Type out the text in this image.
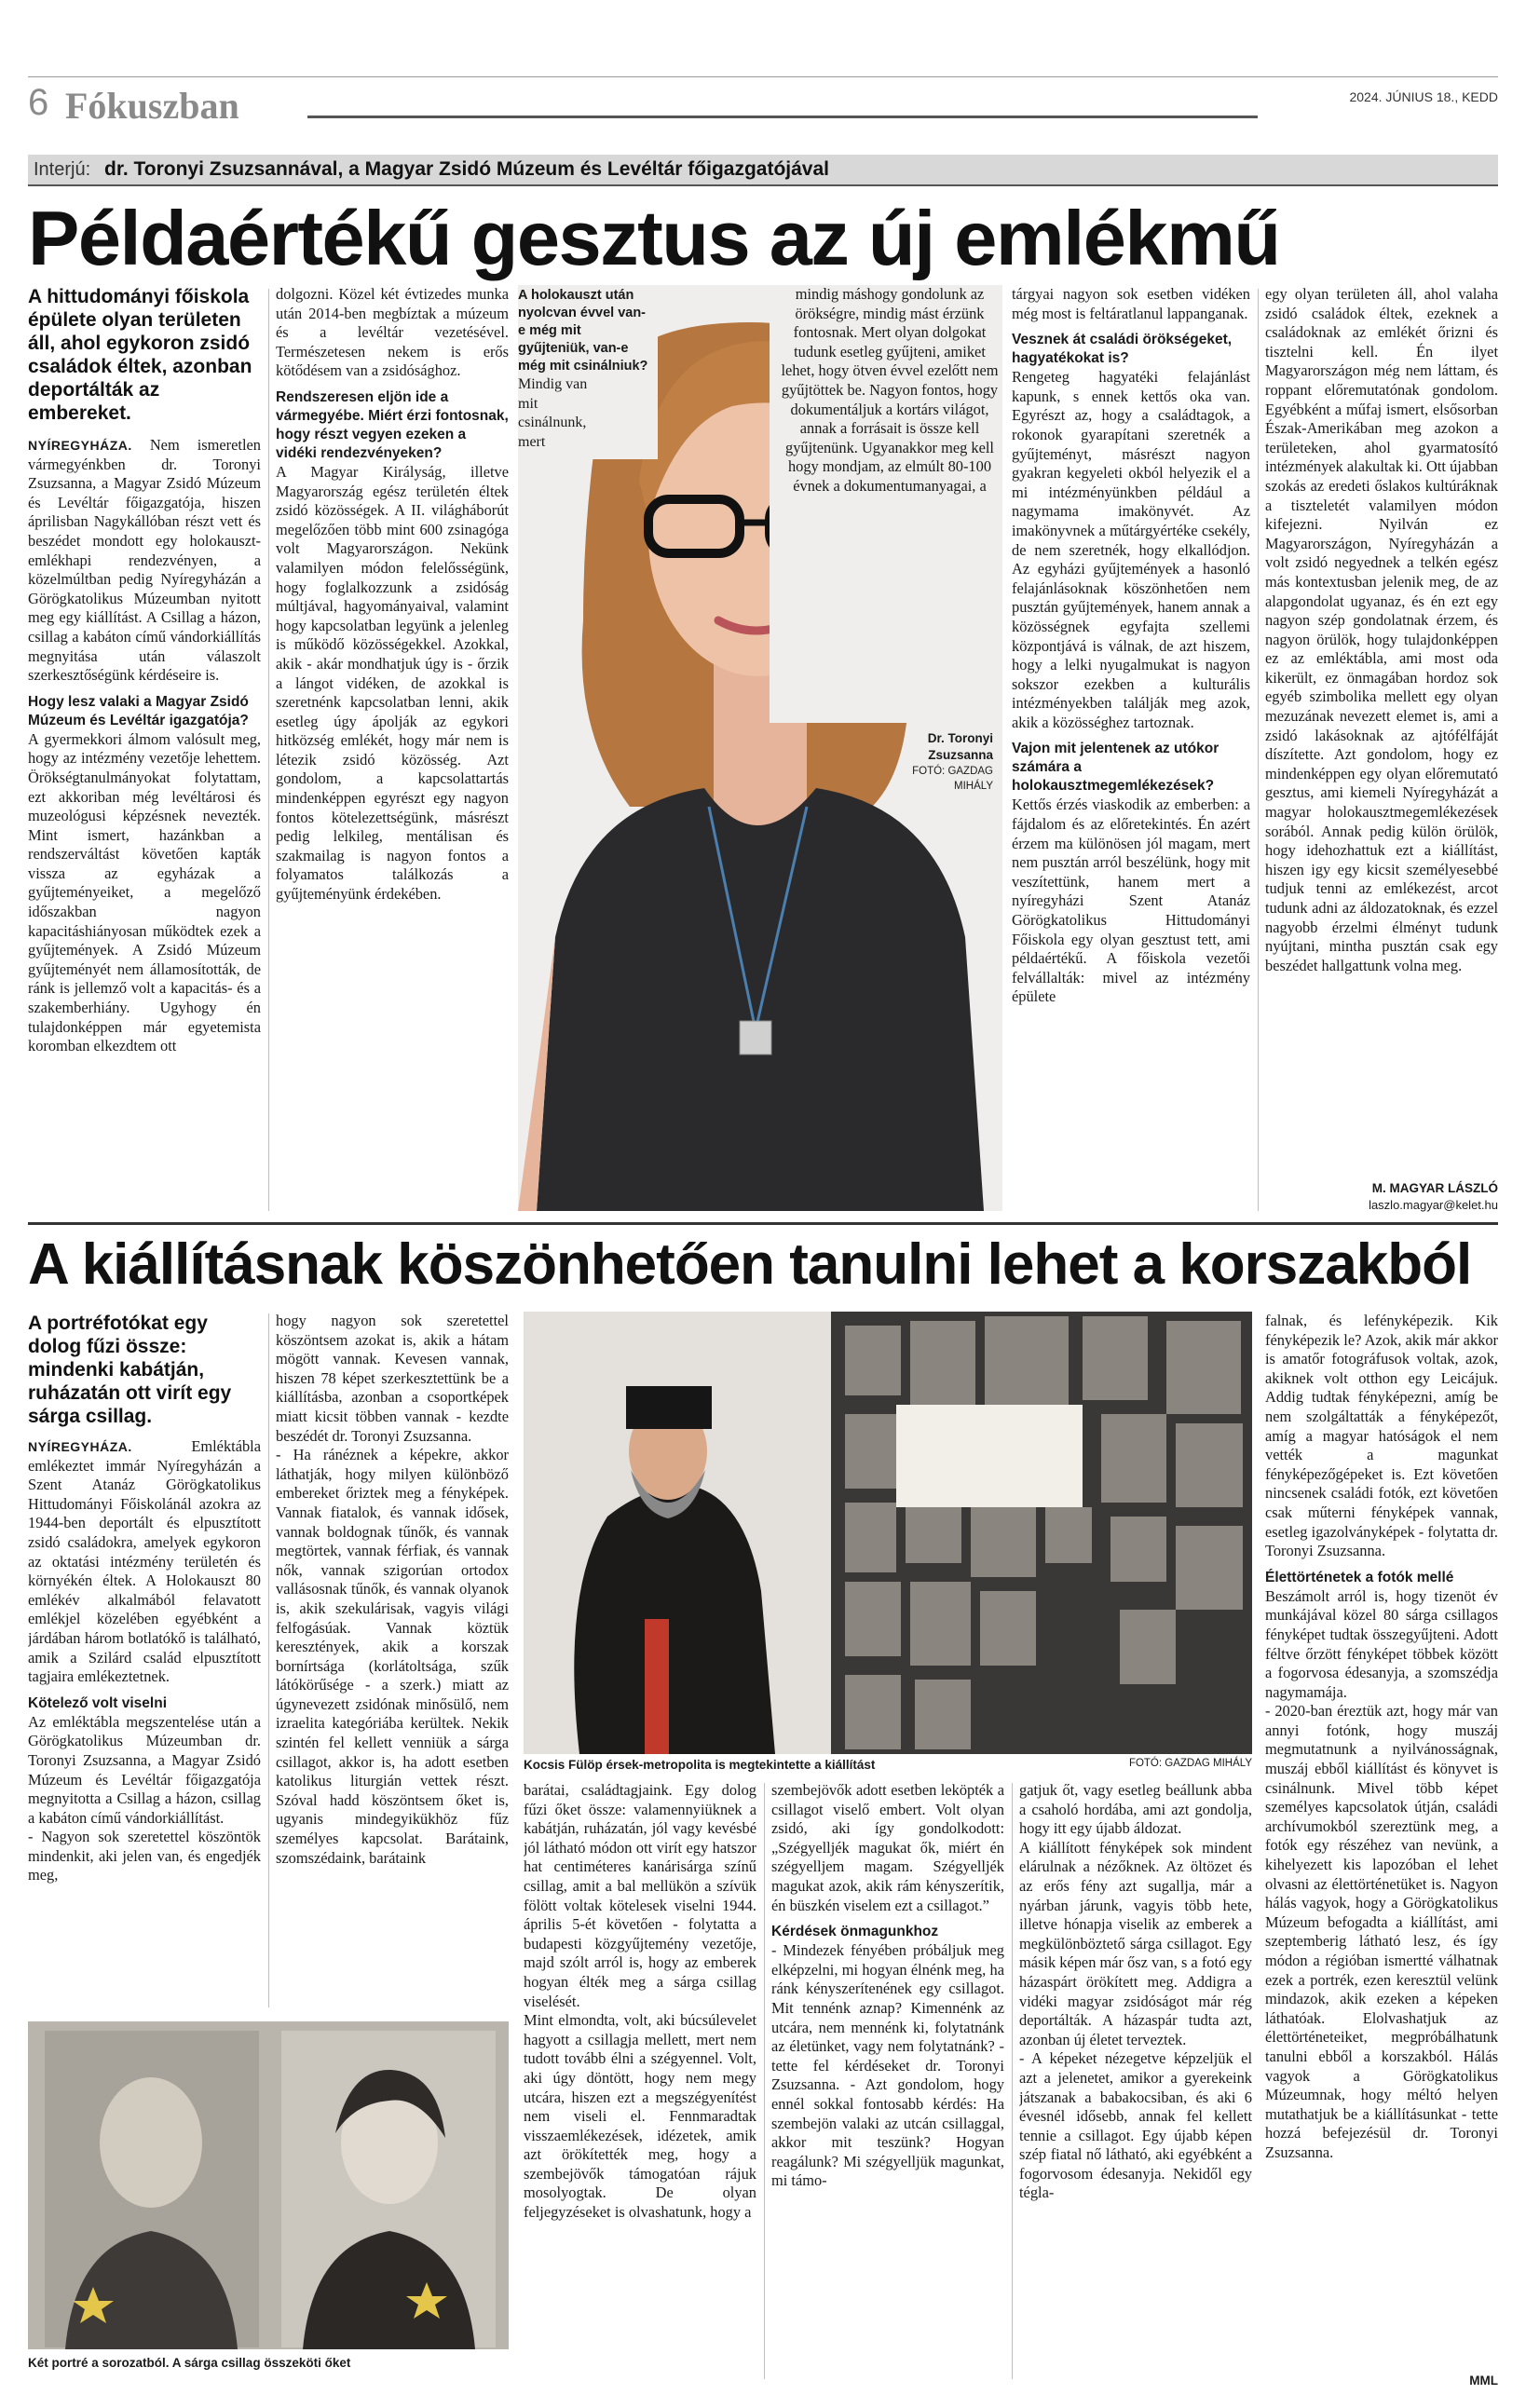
6 Fókuszban	2024. JÚNIUS 18., KEDD
Interjú: dr. Toronyi Zsuzsannával, a Magyar Zsidó Múzeum és Levéltár főigazgatójával
Példaértékű gesztus az új emlékmű
A hittudományi főiskola épülete olyan területen áll, ahol egykoron zsidó családok éltek, azonban deportálták az embereket.

NYÍREGYHÁZA. Nem ismeretlen vármegyénkben dr. Toronyi Zsuzsanna, a Magyar Zsidó Múzeum és Levéltár főigazgatója, hiszen áprilisban Nagykállóban részt vett és beszédet mondott egy holokauszt-emlékhapi rendezvényen, a közelmúltban pedig Nyíregyházán a Görögkatolikus Múzeumban nyitott meg egy kiállítást. A Csillag a házon, csillag a kabáton című vándorkiállítás megnyitása után válaszolt szerkesztőségünk kérdéseire is.

Hogy lesz valaki a Magyar Zsidó Múzeum és Levéltár igazgatója?

A gyermekkori álmom valósult meg, hogy az intézmény vezetője lehettem. Örökségtanulmányokat folytattam, ezt akkoriban még levéltárosi és muzeológusi képzésnek nevezték. Mint ismert, hazánkban a rendszerváltást követően kapták vissza az egyházak a gyűjteményeiket, a megelőző időszakban nagyon kapacitáshiányosan működtek ezek a gyűjtemények. A Zsidó Múzeum gyűjteményét nem államosították, de ránk is jellemző volt a kapacitás- és a szakemberhiány. Ugyhogy én tulajdonképpen már egyetemista koromban elkezdtem ott

dolgozni. Közel két évtizedes munka után 2014-ben megbíztak a múzeum és a levéltár vezetésével. Természetesen nekem is erős kötődésem van a zsidósághoz.

Rendszeresen eljön ide a vármegyébe. Miért érzi fontosnak, hogy részt vegyen ezeken a vidéki rendezvényeken?

A Magyar Királyság, illetve Magyarország egész területén éltek zsidó közösségek. A II. világháborút megelőzően több mint 600 zsinagóga volt Magyarországon. Nekünk valamilyen módon felelősségünk, hogy foglalkozzunk a zsidóság múltjával, hagyományaival, valamint hogy kapcsolatban legyünk a jelenleg is működő közösségekkel. Azokkal, akik - akár mondhatjuk úgy is - őrzik a lángot vidéken, de azokkal is szeretnénk kapcsolatban lenni, akik esetleg úgy ápolják az egykori hitközség emlékét, hogy már nem is létezik zsidó közösség. Azt gondolom, a kapcsolattartás mindenképpen egyrészt egy nagyon fontos kötelezettségünk, másrészt pedig lelkileg, mentálisan és szakmailag is nagyon fontos a folyamatos találkozás a gyűjteményünk érdekében.

A holokauszt után nyolcvan évvel van-e még mit gyűjteniük, van-e még mit csinálniuk?

Mindig van mit csinálnunk, mert

mindig máshogy gondolunk az örökségre, mindig mást érzünk fontosnak. Mert olyan dolgokat tudunk esetleg gyűjteni, amiket lehet, hogy ötven évvel ezelőtt nem gyűjtöttek be. Nagyon fontos, hogy dokumentáljuk a kortárs világot, annak a forrásait is össze kell gyűjtenünk. Ugyanakkor meg kell hogy mondjam, az elmúlt 80-100 évnek a dokumentumanyagai, a

Dr. Toronyi Zsuzsanna
FOTÓ: GAZDAG MIHÁLY

tárgyai nagyon sok esetben vidéken még most is feltáratlanul lappanganak.

Vesznek át családi örökségeket, hagyatékokat is?

Rengeteg hagyatéki felajánlást kapunk, s ennek kettős oka van. Egyrészt az, hogy a családtagok, a rokonok gyarapítani szeretnék a gyűjteményt, másrészt nagyon gyakran kegyeleti okból helyezik el a mi intézményünkben például a nagymama imakönyvét. Az imakönyvnek a műtárgyértéke csekély, de nem szeretnék, hogy elkallódjon. Az egyházi gyűjtemények a hasonló felajánlásoknak köszönhetően nem pusztán gyűjtemények, hanem annak a közösségnek egyfajta szellemi központjává is válnak, de azt hiszem, hogy a lelki nyugalmukat is nagyon sokszor ezekben a kulturális intézményekben találják meg azok, akik a közösséghez tartoznak.

Vajon mit jelentenek az utókor számára a holokausztmegemlékezések?

Kettős érzés viaskodik az emberben: a fájdalom és az előretekintés. Én azért érzem ma különösen jól magam, mert nem pusztán arról beszélünk, hogy mit veszítettünk, hanem mert a nyíregyházi Szent Atanáz Görögkatolikus Hittudományi Főiskola egy olyan gesztust tett, ami példaértékű. A főiskola vezetői felvállalták: mivel az intézmény épülete

egy olyan területen áll, ahol valaha zsidó családok éltek, ezeknek a családoknak az emlékét őrizni és tisztelni kell. Én ilyet Magyarországon még nem láttam, és roppant előremutatónak gondolom. Egyébként a műfaj ismert, elsősorban Észak-Amerikában meg azokon a területeken, ahol gyarmatosító intézmények alakultak ki. Ott újabban szokás az eredeti őslakos kultúráknak a tiszteletét valamilyen módon kifejezni. Nyilván ez Magyarországon, Nyíregyházán a volt zsidó negyednek a telkén egész más kontextusban jelenik meg, de az alapgondolat ugyanaz, és én ezt egy nagyon szép gondolatnak érzem, és nagyon örülök, hogy tulajdonképpen ez az emléktábla, ami most oda kikerült, ez önmagában hordoz sok egyéb szimbolika mellett egy olyan mezuzának nevezett elemet is, ami a zsidó lakásoknak az ajtófélfáját díszítette. Azt gondolom, hogy ez mindenképpen egy olyan előremutató gesztus, ami kiemeli Nyíregyházát a magyar holokausztmegemlékezések sorából. Annak pedig külön örülök, hogy idehozhattuk ezt a kiállítást, hiszen igy egy kicsit személyesebbé tudjuk tenni az emlékezést, arcot tudunk adni az áldozatoknak, és ezzel nagyobb érzelmi élményt tudunk nyújtani, mintha pusztán csak egy beszédet hallgattunk volna meg.

M. MAGYAR LÁSZLÓ
laszlo.magyar@kelet.hu
A kiállításnak köszönhetően tanulni lehet a korszakból
A portréfotókat egy dolog fűzi össze: mindenki kabátján, ruházatán ott virít egy sárga csillag.

NYÍREGYHÁZA.	Emléktábla emlékeztet immár Nyíregyházán a Szent Atanáz Görögkatolikus Hittudományi Főiskolánál azokra az 1944-ben deportált és elpusztított zsidó családokra, amelyek egykoron az oktatási intézmény területén és környékén éltek. A Holokauszt 80 emlékév alkalmából felavatott emlékjel közelében egyébként a járdában három botlatókő is található, amik a Szilárd család elpusztított tagjaira emlékeztetnek.

Kötelező volt viselni

Az emléktábla megszentelése után a Görögkatolikus Múzeumban dr. Toronyi Zsuzsanna, a Magyar Zsidó Múzeum és Levéltár főigazgatója megnyitotta a Csillag a házon, csillag a kabáton című vándorkiállítást.

- Nagyon sok szeretettel köszöntök mindenkit, aki jelen van, és engedjék meg,

hogy nagyon sok szeretettel köszöntsem azokat is, akik a hátam mögött vannak. Kevesen vannak, hiszen 78 képet szerkesztettünk be a kiállításba, azonban a csoportképek miatt kicsit többen vannak - kezdte beszédét dr. Toronyi Zsuzsanna.

- Ha ránéznek a képekre, akkor láthatják, hogy milyen különböző embereket őriztek meg a fényképek. Vannak fiatalok, és vannak idősek, vannak boldognak tűnők, és vannak megtörtek, vannak férfiak, és vannak nők, vannak szigorúan ortodox vallásosnak tűnők, és vannak olyanok is, akik szekulárisak, vagyis világi felfogásúak. Vannak köztük keresztények, akik a korszak bornírtsága (korlátoltsága, szűk látókörűsége - a szerk.) miatt az úgynevezett zsidónak minősülő, nem izraelita kategóriába kerültek. Nekik szintén fel kellett venniük a sárga csillagot, akkor is, ha adott esetben katolikus liturgián vettek részt. Szóval hadd köszöntsem őket is, ugyanis mindegyikükhöz fűz személyes kapcsolat. Barátaink, szomszédaink, barátaink

Kocsis Fülöp érsek-metropolita is megtekintette a kiállítást	FOTÓ: GAZDAG MIHÁLY

barátai, családtagjaink. Egy dolog fűzi őket össze: valamennyiüknek a kabátján, ruházatán, jól vagy kevésbé jól látható módon ott virít egy hatszor hat centiméteres kanárisárga színű csillag, amit a bal mellükön a szívük fölött voltak kötelesek viselni 1944. április 5-ét követően - folytatta a budapesti közgyűjtemény vezetője, majd szólt arról is, hogy az emberek hogyan élték meg a sárga csillag viselését.

Mint elmondta, volt, aki búcsúlevelet hagyott a csillagja mellett, mert nem tudott tovább élni a szégyennel. Volt, aki úgy döntött, hogy nem megy utcára, hiszen ezt a megszégyenítést nem viseli el. Fennmaradtak visszaemlékezések, idézetek, amik azt örökítették meg, hogy a szembejövők támogatóan rájuk mosolyogtak. De olyan feljegyzéseket is olvashatunk, hogy a

szembejövők adott esetben leköpték a csillagot viselő embert. Volt olyan zsidó, aki így gondolkodott: „Szégyelljék magukat ők, miért én szégyelljem magam. Szégyelljék magukat azok, akik rám kényszerítik, én büszkén viselem ezt a csillagot.”

Kérdések önmagunkhoz

- Mindezek fényében próbáljuk meg elképzelni, mi hogyan élnénk meg, ha ránk kényszerítenének egy csillagot. Mit tennénk aznap? Kimennénk az utcára, nem mennénk ki, folytatnánk az életünket, vagy nem folytatnánk? - tette fel kérdéseket dr. Toronyi Zsuzsanna. - Azt gondolom, hogy ennél sokkal fontosabb kérdés: Ha szembejön valaki az utcán csillaggal, akkor mit teszünk? Hogyan reagálunk? Mi szégyelljük magunkat, mi támo-

gatjuk őt, vagy esetleg beállunk abba a csaholó hordába, ami azt gondolja, hogy itt egy újabb áldozat.

A kiállított fényképek sok mindent elárulnak a nézőknek. Az öltözet és az erős fény azt sugallja, már a nyárban járunk, vagyis több hete, illetve hónapja viselik az emberek a megkülönböztető sárga csillagot. Egy másik képen már ősz van, s a fotó egy házaspárt örökített meg. Addigra a vidéki magyar zsidóságot már rég deportálták. A házaspár tudta azt, azonban új életet terveztek.

- A képeket nézegetve képzeljük el azt a jelenetet, amikor a gyerekeink játszanak a babakocsiban, és aki 6 évesnél idősebb, annak fel kellett tennie a csillagot. Egy újabb képen szép fiatal nő látható, aki egyébként a fogorvosom édesanyja. Nekidől egy tégla-

falnak, és lefényképezik. Kik fényképezik le? Azok, akik már akkor is amatőr fotográfusok voltak, azok, akiknek volt otthon egy Leicájuk. Addig tudtak fényképezni, amíg be nem szolgáltatták a fényképezőt, amíg a magyar hatóságok el nem vették a magunkat fényképezőgépeket is. Ezt követően nincsenek családi fotók, ezt követően csak műterni fényképek vannak, esetleg igazolványképek - folytatta dr. Toronyi Zsuzsanna.

Élettörténetek a fotók mellé

Beszámolt arról is, hogy tizenöt év munkájával közel 80 sárga csillagos fényképet tudtak összegyűjteni. Adott féltve őrzött fényképet többek között a fogorvosa édesanyja, a szomszédja nagymamája.

- 2020-ban éreztük azt, hogy már van annyi fotónk, hogy muszáj megmutatnunk a nyilvánosságnak, muszáj ebből kiállítást és könyvet is csinálnunk. Mivel több képet személyes kapcsolatok útján, családi archívumokból szereztünk meg, a fotók egy részéhez van nevünk, a kihelyezett kis lapozóban el lehet olvasni az élettörténetüket is. Nagyon hálás vagyok, hogy a Görögkatolikus Múzeum befogadta a kiállítást, ami szeptemberig látható lesz, és így módon a régióban ismertté válhatnak ezek a portrék, ezen keresztül velünk mindazok, akik ezeken a képeken láthatóak. Elolvashatjuk az élettörténeteiket, megpróbálhatunk tanulni ebből a korszakból. Hálás vagyok a Görögkatolikus Múzeumnak, hogy méltó helyen mutathatjuk be a kiállításunkat - tette hozzá befejezésül dr. Toronyi Zsuzsanna.

MML
Két portré a sorozatból. A sárga csillag összeköti őket
